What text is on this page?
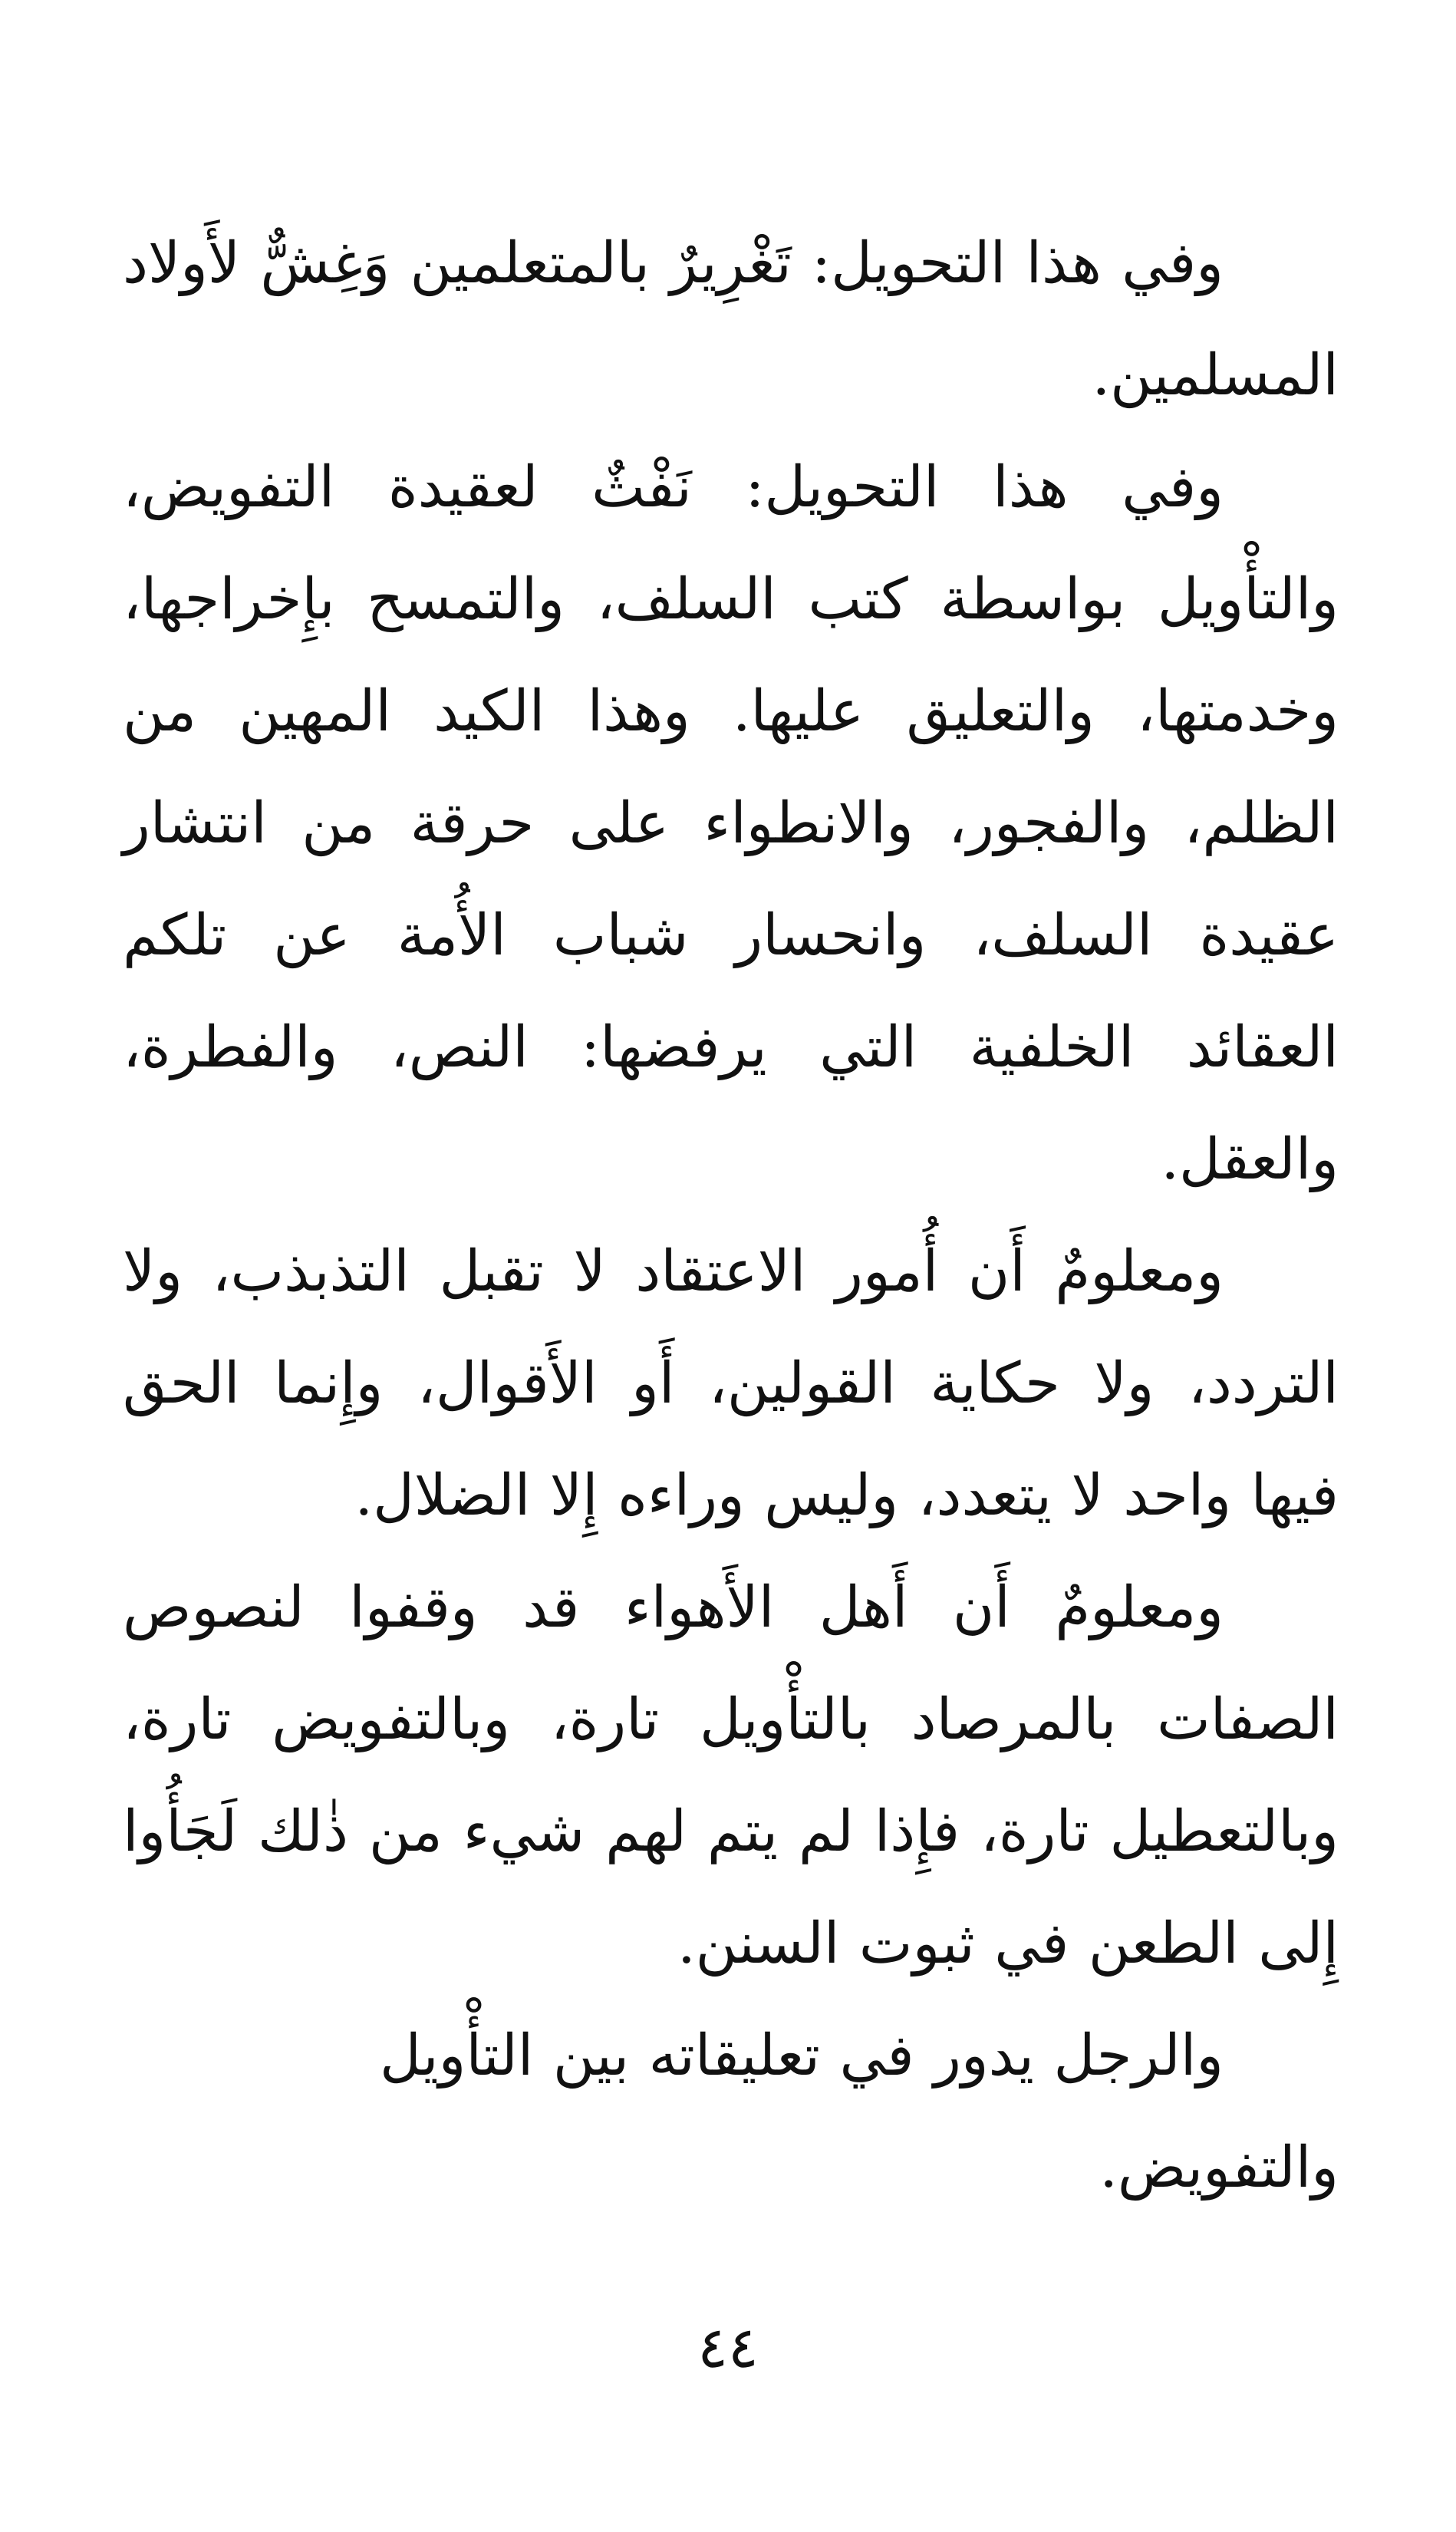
وفي هذا التحويل: تَغْرِيرٌ بالمتعلمين وَغِشٌّ لأَولاد المسلمين.

وفي هذا التحويل: نَفْثٌ لعقيدة التفويض، والتأْويل بواسطة كتب السلف، والتمسح بإِخراجها، وخدمتها، والتعليق عليها. وهذا الكيد المهين من الظلم، والفجور، والانطواء على حرقة من انتشار عقيدة السلف، وانحسار شباب الأُمة عن تلكم العقائد الخلفية التي يرفضها: النص، والفطرة، والعقل.

ومعلومٌ أَن أُمور الاعتقاد لا تقبل التذبذب، ولا التردد، ولا حكاية القولين، أَو الأَقوال، وإِنما الحق فيها واحد لا يتعدد، وليس وراءه إِلا الضلال.

ومعلومٌ أَن أَهل الأَهواء قد وقفوا لنصوص الصفات بالمرصاد بالتأْويل تارة، وبالتفويض تارة، وبالتعطيل تارة، فإِذا لم يتم لهم شيء من ذٰلك لَجَأُوا إِلى الطعن في ثبوت السنن.

والرجل يدور في تعليقاته بين التأْويل والتفويض.

٤٤
